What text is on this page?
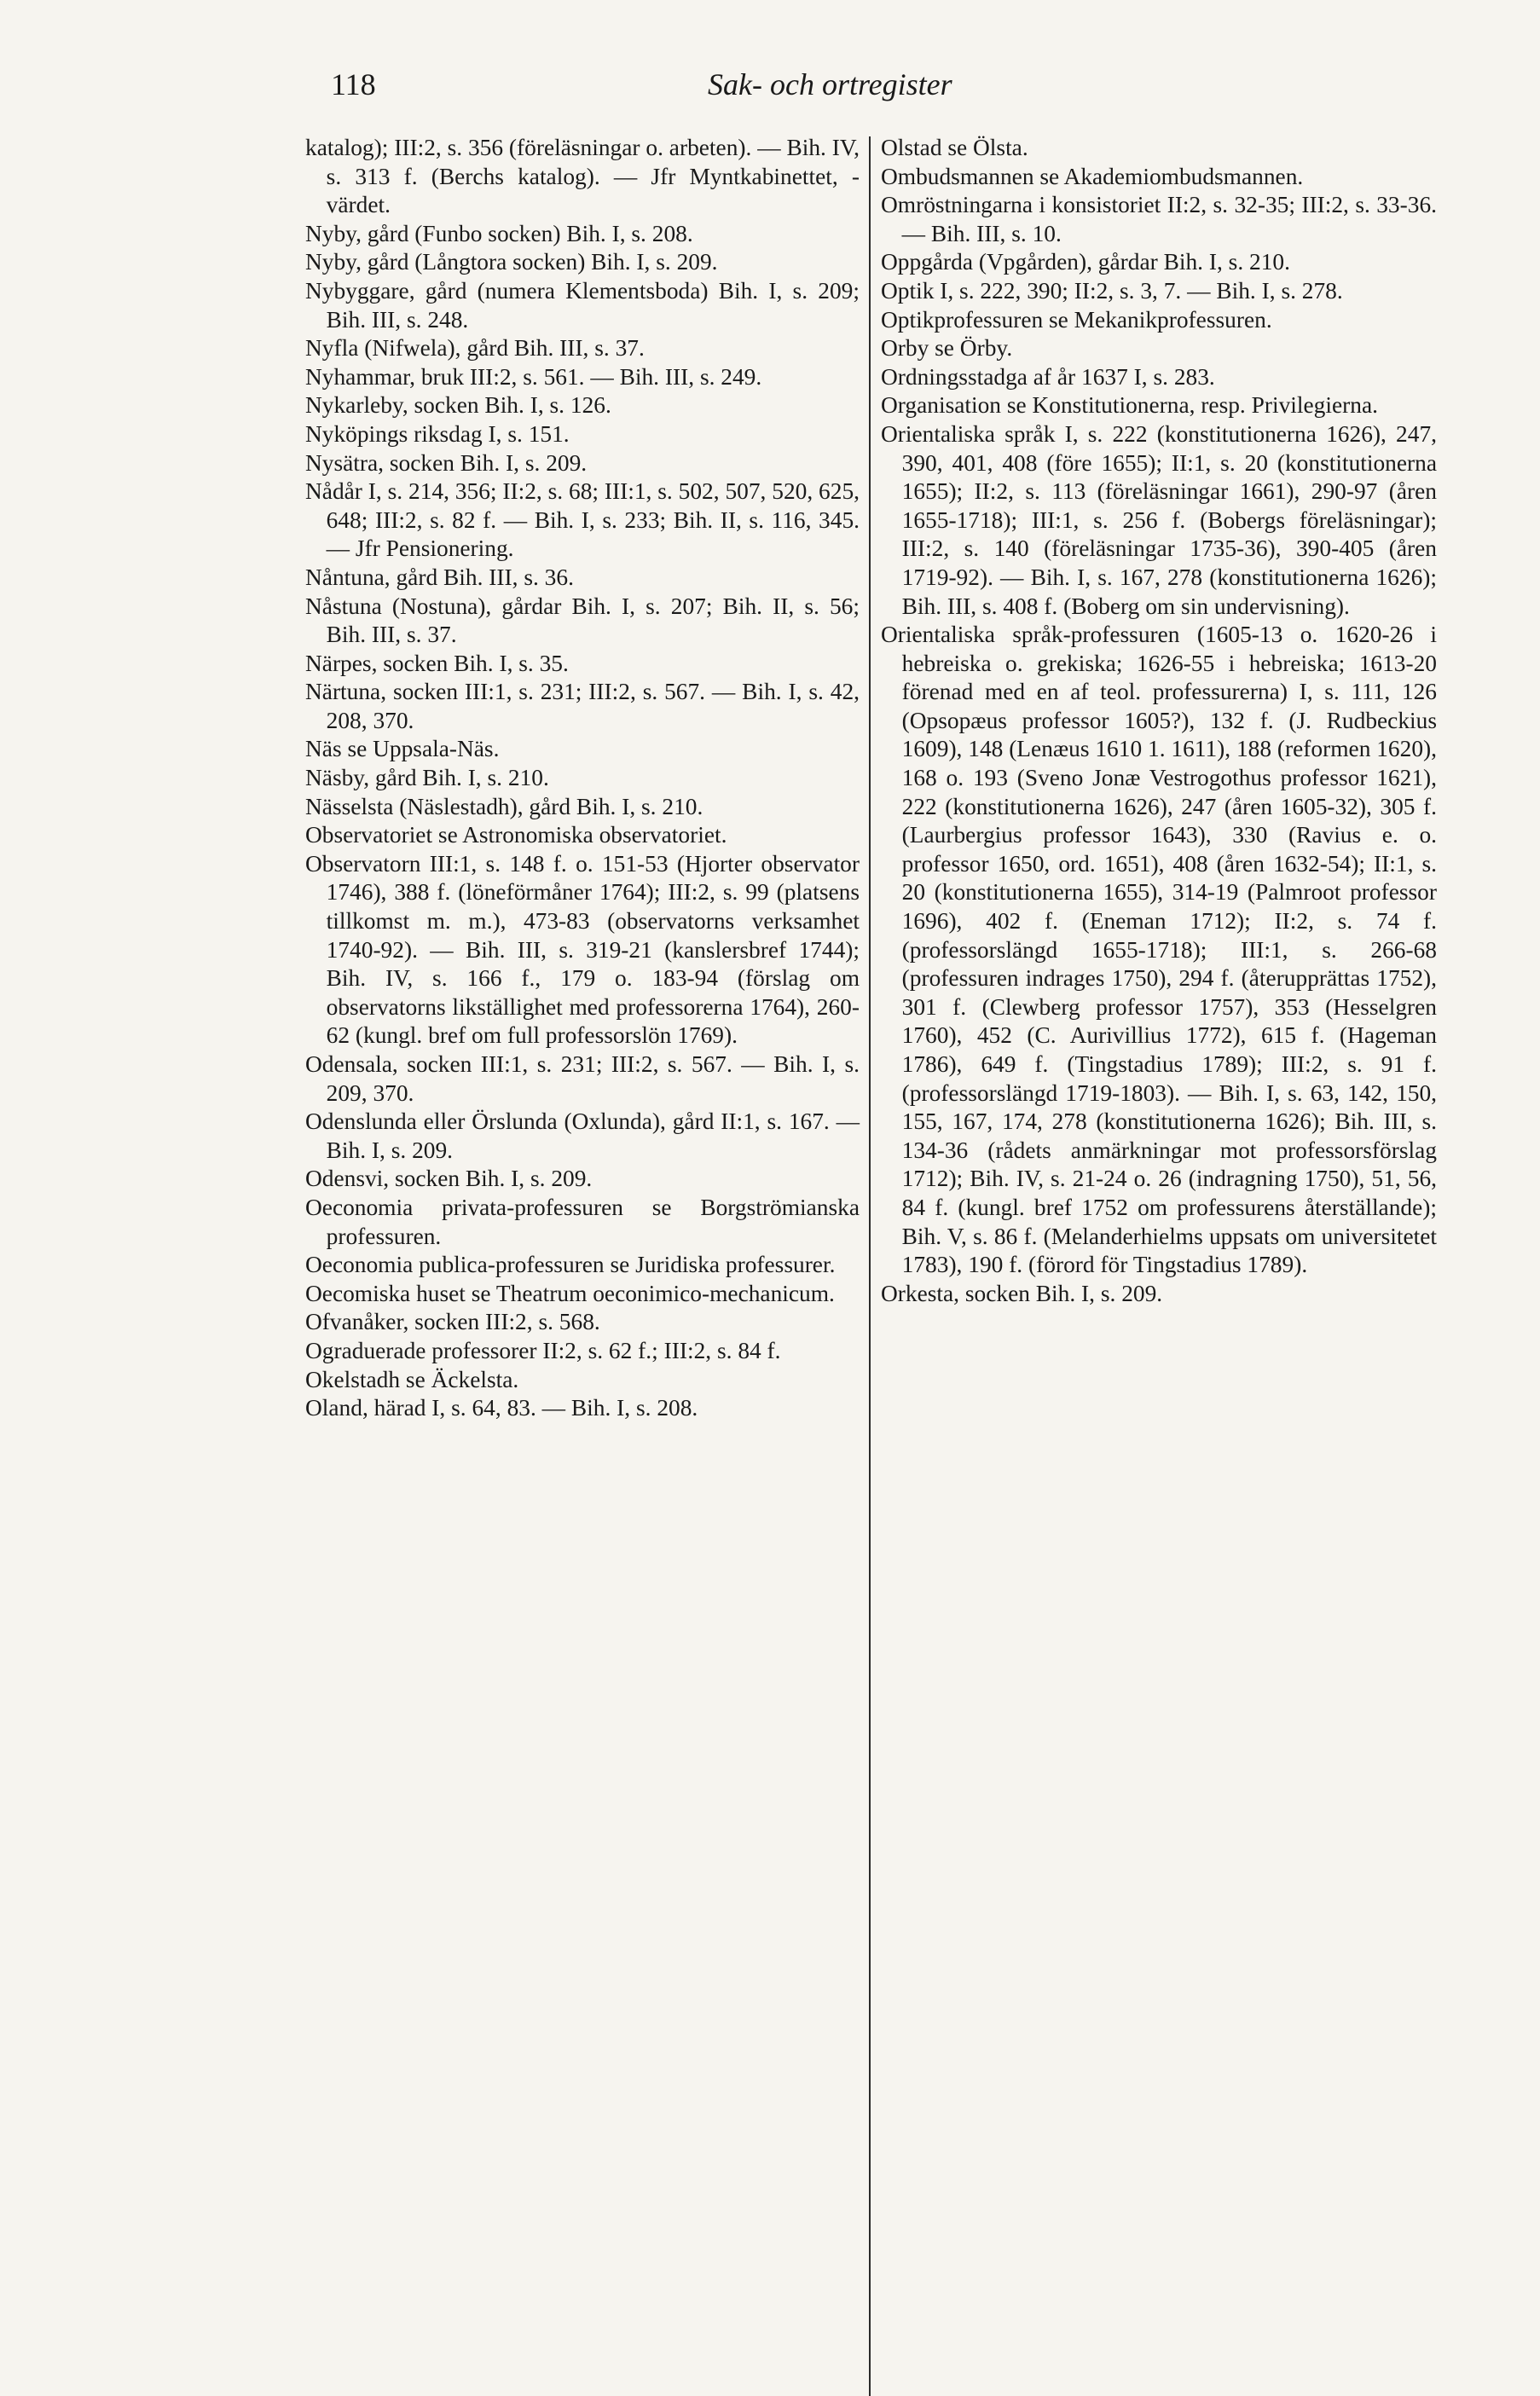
118	Sak- och ortregister

katalog); III:2, s. 356 (föreläsningar o. arbeten). — Bih. IV, s. 313 f. (Berchs katalog). — Jfr Myntkabinettet, -värdet.

Nyby, gård (Funbo socken) Bih. I, s. 208.

Nyby, gård (Långtora socken) Bih. I, s. 209.

Nybyggare, gård (numera Klementsboda) Bih. I, s. 209; Bih. III, s. 248.

Nyfla (Nifwela), gård Bih. III, s. 37.

Nyhammar, bruk III:2, s. 561. — Bih. III, s. 249.

Nykarleby, socken Bih. I, s. 126.

Nyköpings riksdag I, s. 151.

Nysätra, socken Bih. I, s. 209.

Nådår I, s. 214, 356; II:2, s. 68; III:1, s. 502, 507, 520, 625, 648; III:2, s. 82 f. — Bih. I, s. 233; Bih. II, s. 116, 345. — Jfr Pensionering.

Nåntuna, gård Bih. III, s. 36.

Nåstuna (Nostuna), gårdar Bih. I, s. 207; Bih. II, s. 56; Bih. III, s. 37.

Närpes, socken Bih. I, s. 35.

Närtuna, socken III:1, s. 231; III:2, s. 567. — Bih. I, s. 42, 208, 370.

Näs se Uppsala-Näs.

Näsby, gård Bih. I, s. 210.

Nässelsta (Näslestadh), gård Bih. I, s. 210.

Observatoriet se Astronomiska observatoriet.

Observatorn III:1, s. 148 f. o. 151-53 (Hjorter observator 1746), 388 f. (löneförmåner 1764); III:2, s. 99 (platsens tillkomst m. m.), 473-83 (observatorns verksamhet 1740-92). — Bih. III, s. 319-21 (kanslersbref 1744); Bih. IV, s. 166 f., 179 o. 183-94 (förslag om observatorns likställighet med professorerna 1764), 260-62 (kungl. bref om full professorslön 1769).

Odensala, socken III:1, s. 231; III:2, s. 567. — Bih. I, s. 209, 370.

Odenslunda eller Örslunda (Oxlunda), gård II:1, s. 167. — Bih. I, s. 209.

Odensvi, socken Bih. I, s. 209.

Oeconomia privata-professuren se Borgströmianska professuren.

Oeconomia publica-professuren se Juridiska professurer.

Oecomiska huset se Theatrum oeconimico-mechanicum.

Ofvanåker, socken III:2, s. 568.

Ograduerade professorer II:2, s. 62 f.; III:2, s. 84 f.

Okelstadh se Äckelsta.

Oland, härad I, s. 64, 83. — Bih. I, s. 208.

Olstad se Ölsta.

Ombudsmannen se Akademiombudsmannen.

Omröstningarna i konsistoriet II:2, s. 32-35; III:2, s. 33-36. — Bih. III, s. 10.

Oppgårda (Vpgården), gårdar Bih. I, s. 210.

Optik I, s. 222, 390; II:2, s. 3, 7. — Bih. I, s. 278.

Optikprofessuren se Mekanikprofessuren.

Orby se Örby.

Ordningsstadga af år 1637 I, s. 283.

Organisation se Konstitutionerna, resp. Privilegierna.

Orientaliska språk I, s. 222 (konstitutionerna 1626), 247, 390, 401, 408 (före 1655); II:1, s. 20 (konstitutionerna 1655); II:2, s. 113 (föreläsningar 1661), 290-97 (åren 1655-1718); III:1, s. 256 f. (Bobergs föreläsningar); III:2, s. 140 (föreläsningar 1735-36), 390-405 (åren 1719-92). — Bih. I, s. 167, 278 (konstitutionerna 1626); Bih. III, s. 408 f. (Boberg om sin undervisning).

Orientaliska språk-professuren (1605-13 o. 1620-26 i hebreiska o. grekiska; 1626-55 i hebreiska; 1613-20 förenad med en af teol. professurerna) I, s. 111, 126 (Opsopæus professor 1605?), 132 f. (J. Rudbeckius 1609), 148 (Lenæus 1610 1. 1611), 188 (reformen 1620), 168 o. 193 (Sveno Jonæ Vestrogothus professor 1621), 222 (konstitutionerna 1626), 247 (åren 1605-32), 305 f. (Laurbergius professor 1643), 330 (Ravius e. o. professor 1650, ord. 1651), 408 (åren 1632-54); II:1, s. 20 (konstitutionerna 1655), 314-19 (Palmroot professor 1696), 402 f. (Eneman 1712); II:2, s. 74 f. (professorslängd 1655-1718); III:1, s. 266-68 (professuren indrages 1750), 294 f. (återupprättas 1752), 301 f. (Clewberg professor 1757), 353 (Hesselgren 1760), 452 (C. Aurivillius 1772), 615 f. (Hageman 1786), 649 f. (Tingstadius 1789); III:2, s. 91 f. (professorslängd 1719-1803). — Bih. I, s. 63, 142, 150, 155, 167, 174, 278 (konstitutionerna 1626); Bih. III, s. 134-36 (rådets anmärkningar mot professorsförslag 1712); Bih. IV, s. 21-24 o. 26 (indragning 1750), 51, 56, 84 f. (kungl. bref 1752 om professurens återställande); Bih. V, s. 86 f. (Melanderhielms uppsats om universitetet 1783), 190 f. (förord för Tingstadius 1789).

Orkesta, socken Bih. I, s. 209.
